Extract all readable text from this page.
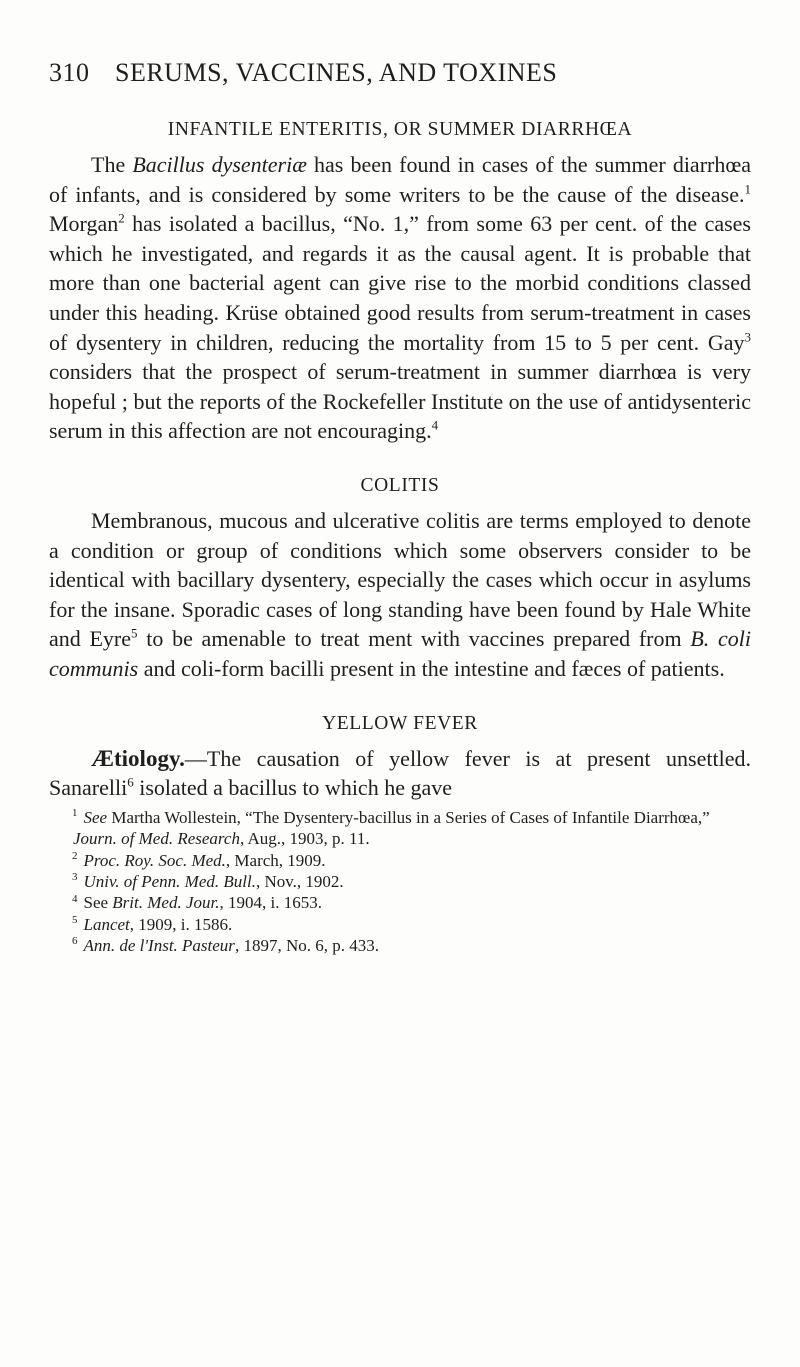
310 SERUMS, VACCINES, AND TOXINES
INFANTILE ENTERITIS, OR SUMMER DIARRHŒA

The Bacillus dysenteriæ has been found in cases of the summer diarrhœa of infants, and is considered by some writers to be the cause of the disease.$^1$ Morgan$^2$ has isolated a bacillus, “No. 1,” from some 63 per cent. of the cases which he investigated, and regards it as the causal agent. It is probable that more than one bacterial agent can give rise to the morbid conditions classed under this heading. Krüse obtained good results from serum-treatment in cases of dysentery in children, reducing the mortality from 15 to 5 per cent. Gay$^3$ considers that the prospect of serum-treatment in summer diarrhœa is very hopeful ; but the reports of the Rockefeller Institute on the use of antidysenteric serum in this affection are not encouraging.$^4$

COLITIS

Membranous, mucous and ulcerative colitis are terms employed to denote a condition or group of conditions which some observers consider to be identical with bacillary dysentery, especially the cases which occur in asylums for the insane. Sporadic cases of long standing have been found by Hale White and Eyre$^5$ to be amenable to treat ment with vaccines prepared from B. coli communis and coli-form bacilli present in the intestine and fæces of patients.

YELLOW FEVER

Ætiology.—The causation of yellow fever is at present unsettled. Sanarelli$^6$ isolated a bacillus to which he gave

$^1$ See Martha Wollestein, “The Dysentery-bacillus in a Series of Cases of Infantile Diarrhœa,” Journ. of Med. Research, Aug., 1903, p. 11.

$^2$ Proc. Roy. Soc. Med., March, 1909.

$^3$ Univ. of Penn. Med. Bull., Nov., 1902.

$^4$ See Brit. Med. Jour., 1904, i. 1653.

$^5$ Lancet, 1909, i. 1586.

$^6$ Ann. de l'Inst. Pasteur, 1897, No. 6, p. 433.
